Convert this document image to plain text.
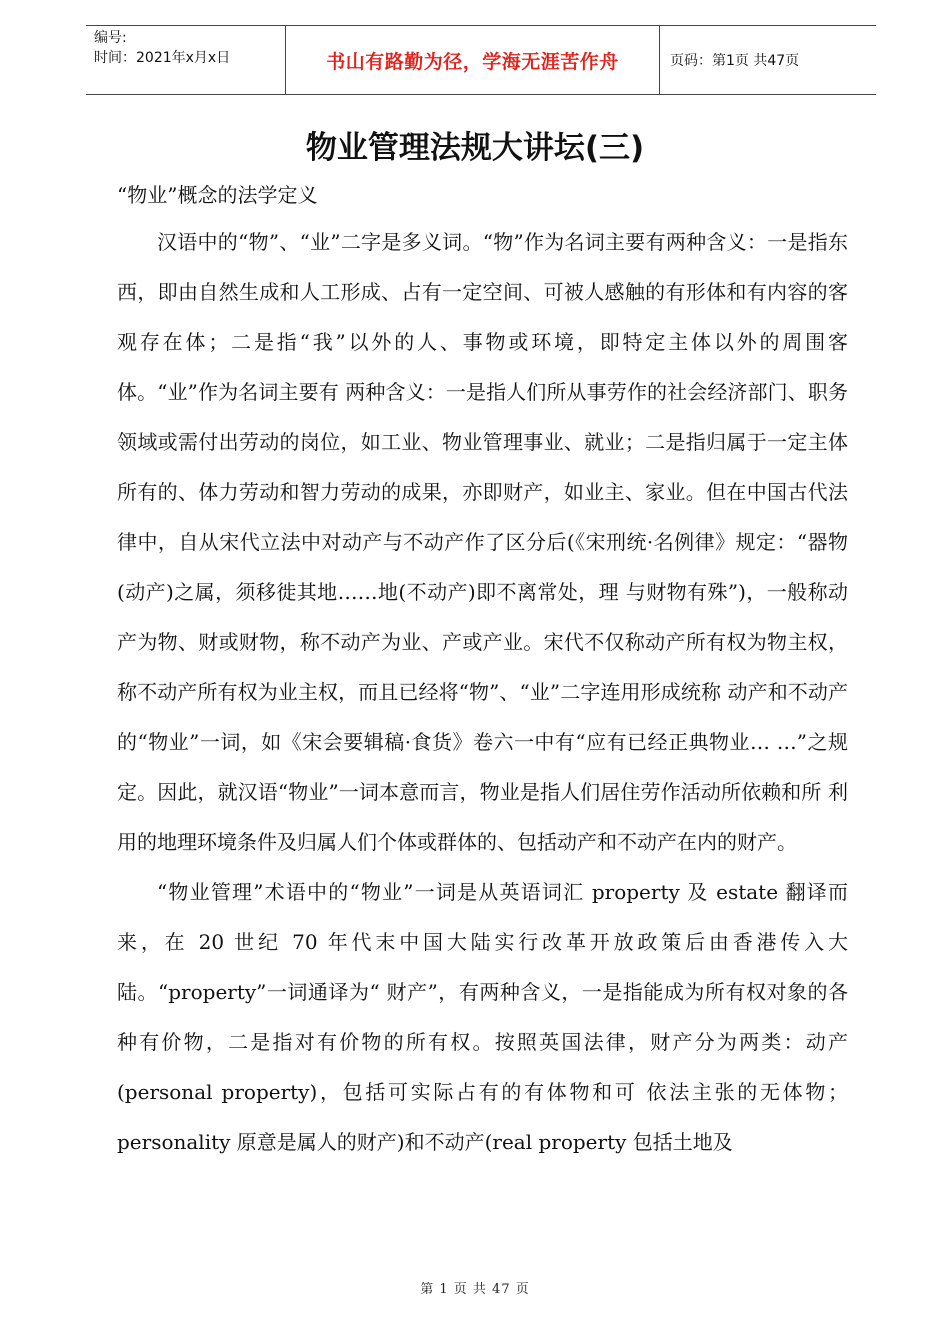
编号:
时间：2021年x月x日	书山有路勤为径，学海无涯苦作舟	页码：第1页 共47页
物业管理法规大讲坛(三)

“物业”概念的法学定义

汉语中的“物”、“业”二字是多义词。“物”作为名词主要有两种含义：一是指东西，即由自然生成和人工形成、占有一定空间、可被人感触的有形体和有内容的客观存在体；二是指“我”以外的人、事物或环境，即特定主体以外的周围客体。“业”作为名词主要有 两种含义：一是指人们所从事劳作的社会经济部门、职务领域或需付出劳动的岗位，如工业、物业管理事业、就业；二是指归属于一定主体所有的、体力劳动和智力劳动的成果，亦即财产，如业主、家业。但在中国古代法律中，自从宋代立法中对动产与不动产作了区分后(《宋刑统·名例律》规定：“器物(动产)之属，须移徙其地……地(不动产)即不离常处，理 与财物有殊”)，一般称动产为物、财或财物，称不动产为业、产或产业。宋代不仅称动产所有权为物主权，称不动产所有权为业主权，而且已经将“物”、“业”二字连用形成统称 动产和不动产的“物业”一词，如《宋会要辑稿·食货》卷六一中有“应有已经正典物业… …”之规定。因此，就汉语“物业”一词本意而言，物业是指人们居住劳作活动所依赖和所 利用的地理环境条件及归属人们个体或群体的、包括动产和不动产在内的财产。

“物业管理”术语中的“物业”一词是从英语词汇 property 及 estate 翻译而来，在 20 世纪 70 年代末中国大陆实行改革开放政策后由香港传入大陆。“property”一词通译为“ 财产”，有两种含义，一是指能成为所有权对象的各种有价物，二是指对有价物的所有权。按照英国法律，财产分为两类：动产(personal property)，包括可实际占有的有体物和可 依法主张的无体物；personality 原意是属人的财产)和不动产(real property 包括土地及

第 1 页 共 47 页
